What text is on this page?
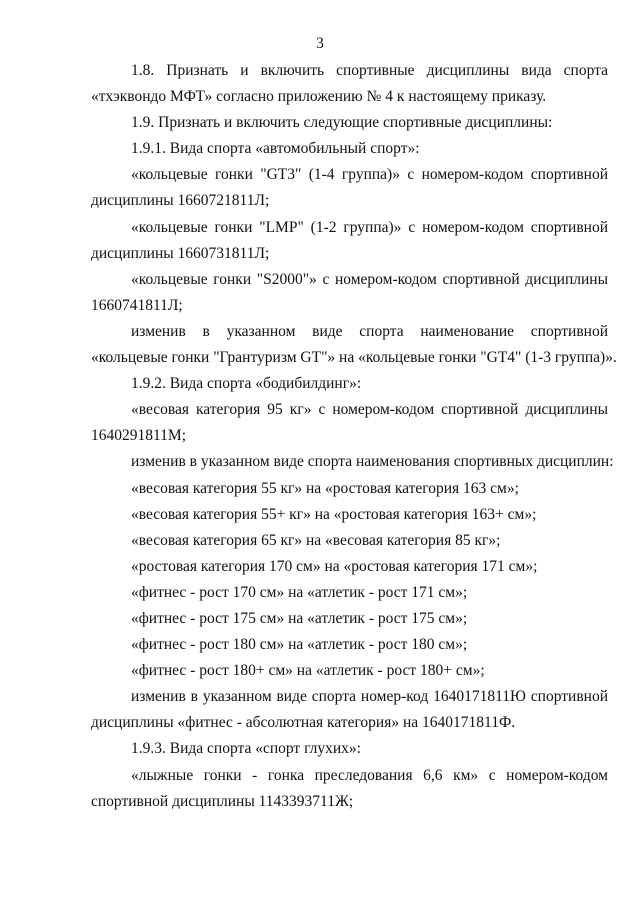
3
1.8. Признать и включить спортивные дисциплины вида спорта
«тхэквондо МФТ» согласно приложению № 4 к настоящему приказу.
1.9. Признать и включить следующие спортивные дисциплины:
1.9.1. Вида спорта «автомобильный спорт»:
«кольцевые гонки "GT3" (1-4 группа)» с номером-кодом спортивной
дисциплины 1660721811Л;
«кольцевые гонки "LMP" (1-2 группа)» с номером-кодом спортивной
дисциплины 1660731811Л;
«кольцевые гонки "S2000"» с номером-кодом спортивной дисциплины
1660741811Л;
изменив в указанном виде спорта наименование спортивной
«кольцевые гонки "Грантуризм GT"» на «кольцевые гонки "GT4" (1-3 группа)».
1.9.2. Вида спорта «бодибилдинг»:
«весовая категория 95 кг» с номером-кодом спортивной дисциплины
1640291811М;
изменив в указанном виде спорта наименования спортивных дисциплин:
«весовая категория 55 кг» на «ростовая категория 163 см»;
«весовая категория 55+ кг» на «ростовая категория 163+ см»;
«весовая категория 65 кг» на «весовая категория 85 кг»;
«ростовая категория 170 см» на «ростовая категория 171 см»;
«фитнес - рост 170 см» на «атлетик - рост 171 см»;
«фитнес - рост 175 см» на «атлетик - рост 175 см»;
«фитнес - рост 180 см» на «атлетик - рост 180 см»;
«фитнес - рост 180+ см» на «атлетик - рост 180+ см»;
изменив в указанном виде спорта номер-код 1640171811Ю спортивной
дисциплины «фитнес - абсолютная категория» на 1640171811Ф.
1.9.3. Вида спорта «спорт глухих»:
«лыжные гонки - гонка преследования 6,6 км» с номером-кодом
спортивной дисциплины 1143393711Ж;
